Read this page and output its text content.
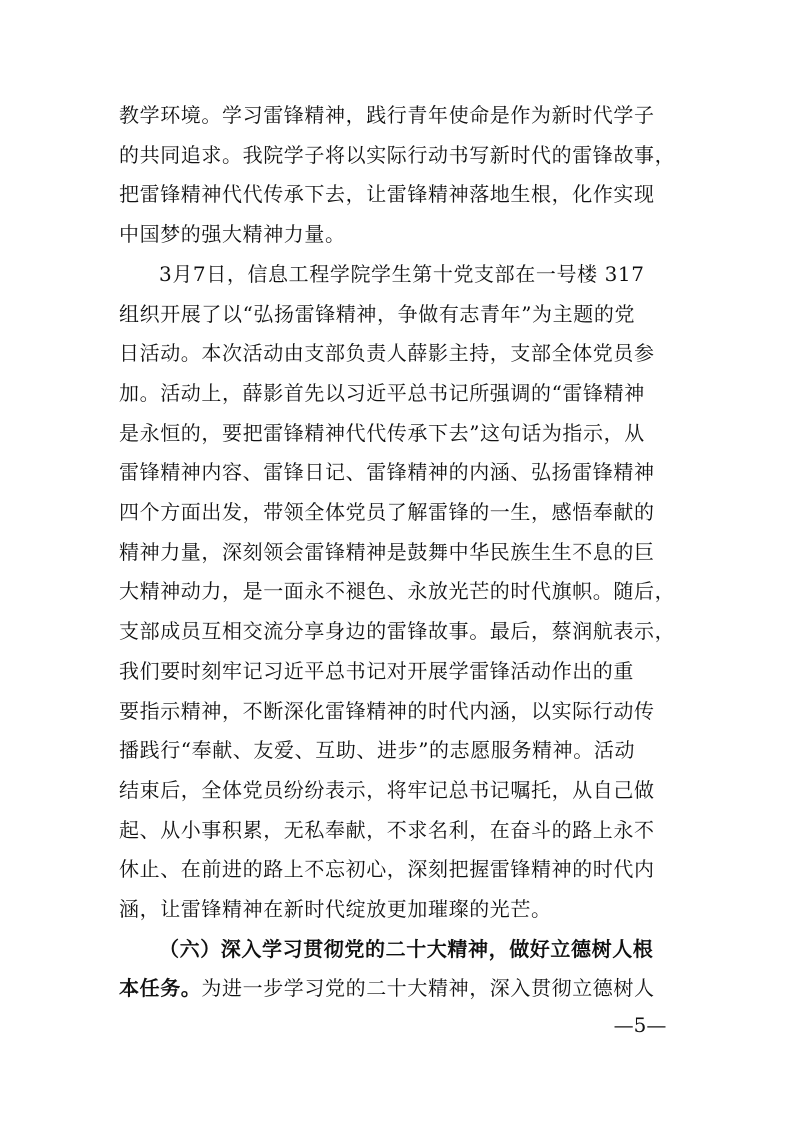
教学环境。学习雷锋精神，践行青年使命是作为新时代学子
的共同追求。我院学子将以实际行动书写新时代的雷锋故事，
把雷锋精神代代传承下去，让雷锋精神落地生根，化作实现
中国梦的强大精神力量。
3月7日，信息工程学院学生第十党支部在一号楼 317
组织开展了以“弘扬雷锋精神，争做有志青年”为主题的党
日活动。本次活动由支部负责人薛影主持，支部全体党员参
加。活动上，薛影首先以习近平总书记所强调的“雷锋精神
是永恒的，要把雷锋精神代代传承下去”这句话为指示，从
雷锋精神内容、雷锋日记、雷锋精神的内涵、弘扬雷锋精神
四个方面出发，带领全体党员了解雷锋的一生，感悟奉献的
精神力量，深刻领会雷锋精神是鼓舞中华民族生生不息的巨
大精神动力，是一面永不褪色、永放光芒的时代旗帜。随后，
支部成员互相交流分享身边的雷锋故事。最后，蔡润航表示，
我们要时刻牢记习近平总书记对开展学雷锋活动作出的重
要指示精神，不断深化雷锋精神的时代内涵，以实际行动传
播践行“奉献、友爱、互助、进步”的志愿服务精神。活动
结束后，全体党员纷纷表示，将牢记总书记嘱托，从自己做
起、从小事积累，无私奉献，不求名利，在奋斗的路上永不
休止、在前进的路上不忘初心，深刻把握雷锋精神的时代内
涵，让雷锋精神在新时代绽放更加璀璨的光芒。
（六）深入学习贯彻党的二十大精神，做好立德树人根
本任务。为进一步学习党的二十大精神，深入贯彻立德树人
—5—
